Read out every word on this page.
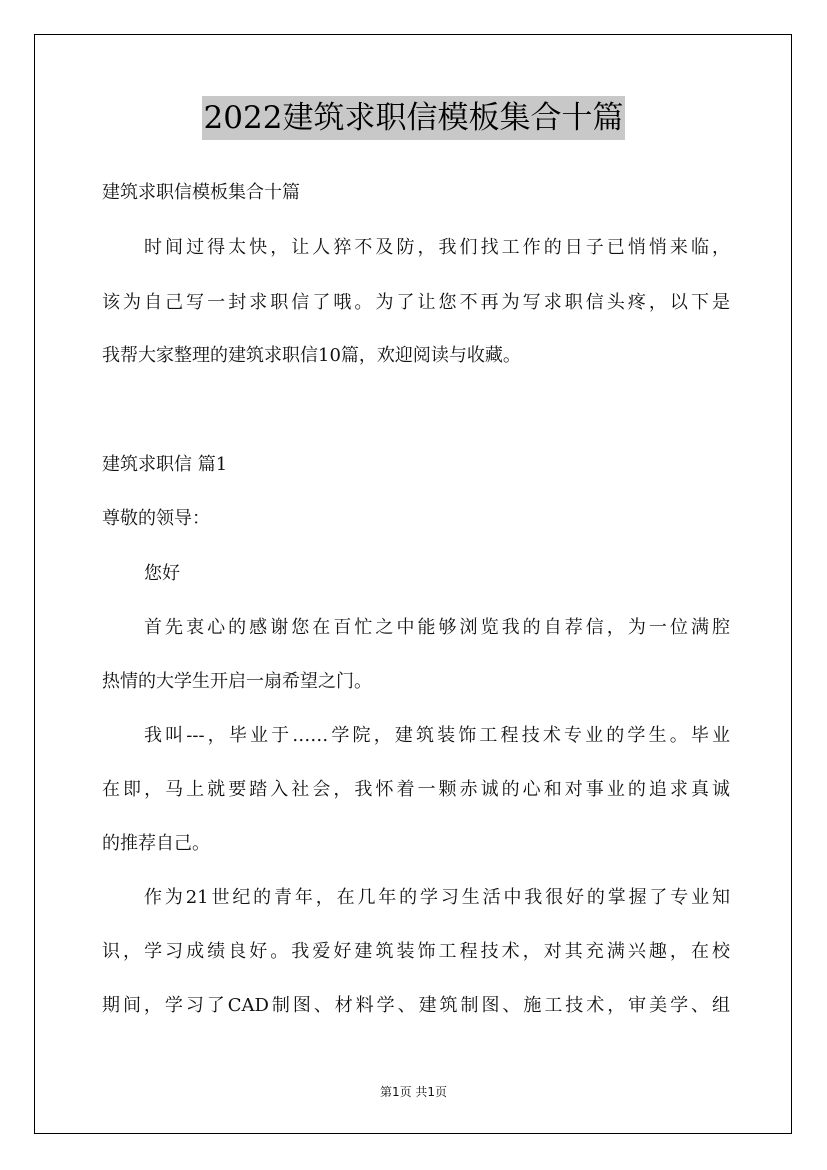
2022建筑求职信模板集合十篇
建筑求职信模板集合十篇
时间过得太快，让人猝不及防，我们找工作的日子已悄悄来临，
该为自己写一封求职信了哦。为了让您不再为写求职信头疼，以下是
我帮大家整理的建筑求职信10篇，欢迎阅读与收藏。
建筑求职信 篇1
尊敬的领导：
您好
首先衷心的感谢您在百忙之中能够浏览我的自荐信，为一位满腔
热情的大学生开启一扇希望之门。
我叫---，毕业于……学院，建筑装饰工程技术专业的学生。毕业
在即，马上就要踏入社会，我怀着一颗赤诚的心和对事业的追求真诚
的推荐自己。
作为21世纪的青年，在几年的学习生活中我很好的掌握了专业知
识，学习成绩良好。我爱好建筑装饰工程技术，对其充满兴趣，在校
期间，学习了CAD制图、材料学、建筑制图、施工技术，审美学、组
第1页 共1页
